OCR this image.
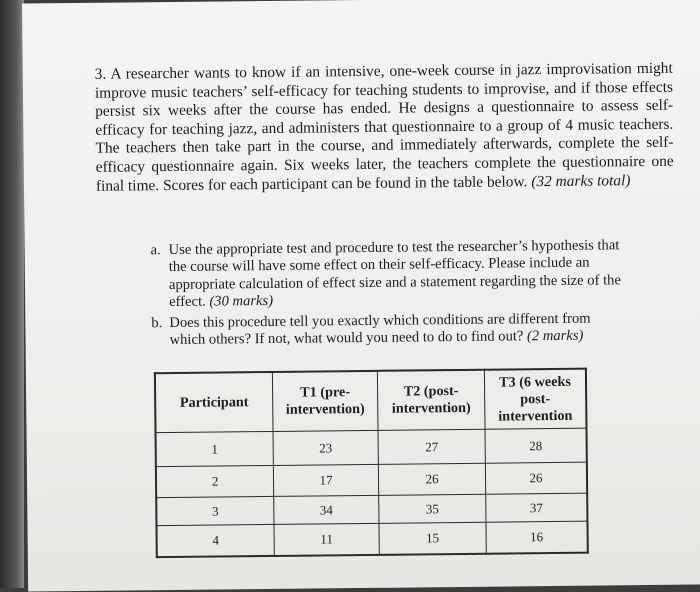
3. A researcher wants to know if an intensive, one-week course in jazz improvisation might improve music teachers’ self-efficacy for teaching students to improvise, and if those effects persist six weeks after the course has ended. He designs a questionnaire to assess self-efficacy for teaching jazz, and administers that questionnaire to a group of 4 music teachers. The teachers then take part in the course, and immediately afterwards, complete the self-efficacy questionnaire again. Six weeks later, the teachers complete the questionnaire one final time. Scores for each participant can be found in the table below. (32 marks total)

a. Use the appropriate test and procedure to test the researcher’s hypothesis that the course will have some effect on their self-efficacy. Please include an appropriate calculation of effect size and a statement regarding the size of the effect. (30 marks)
b. Does this procedure tell you exactly which conditions are different from which others? If not, what would you need to do to find out? (2 marks)
Participant	T1 (pre-intervention)	T2 (post-intervention)	T3 (6 weeks post-intervention
1	23	27	28
2	17	26	26
3	34	35	37
4	11	15	16
